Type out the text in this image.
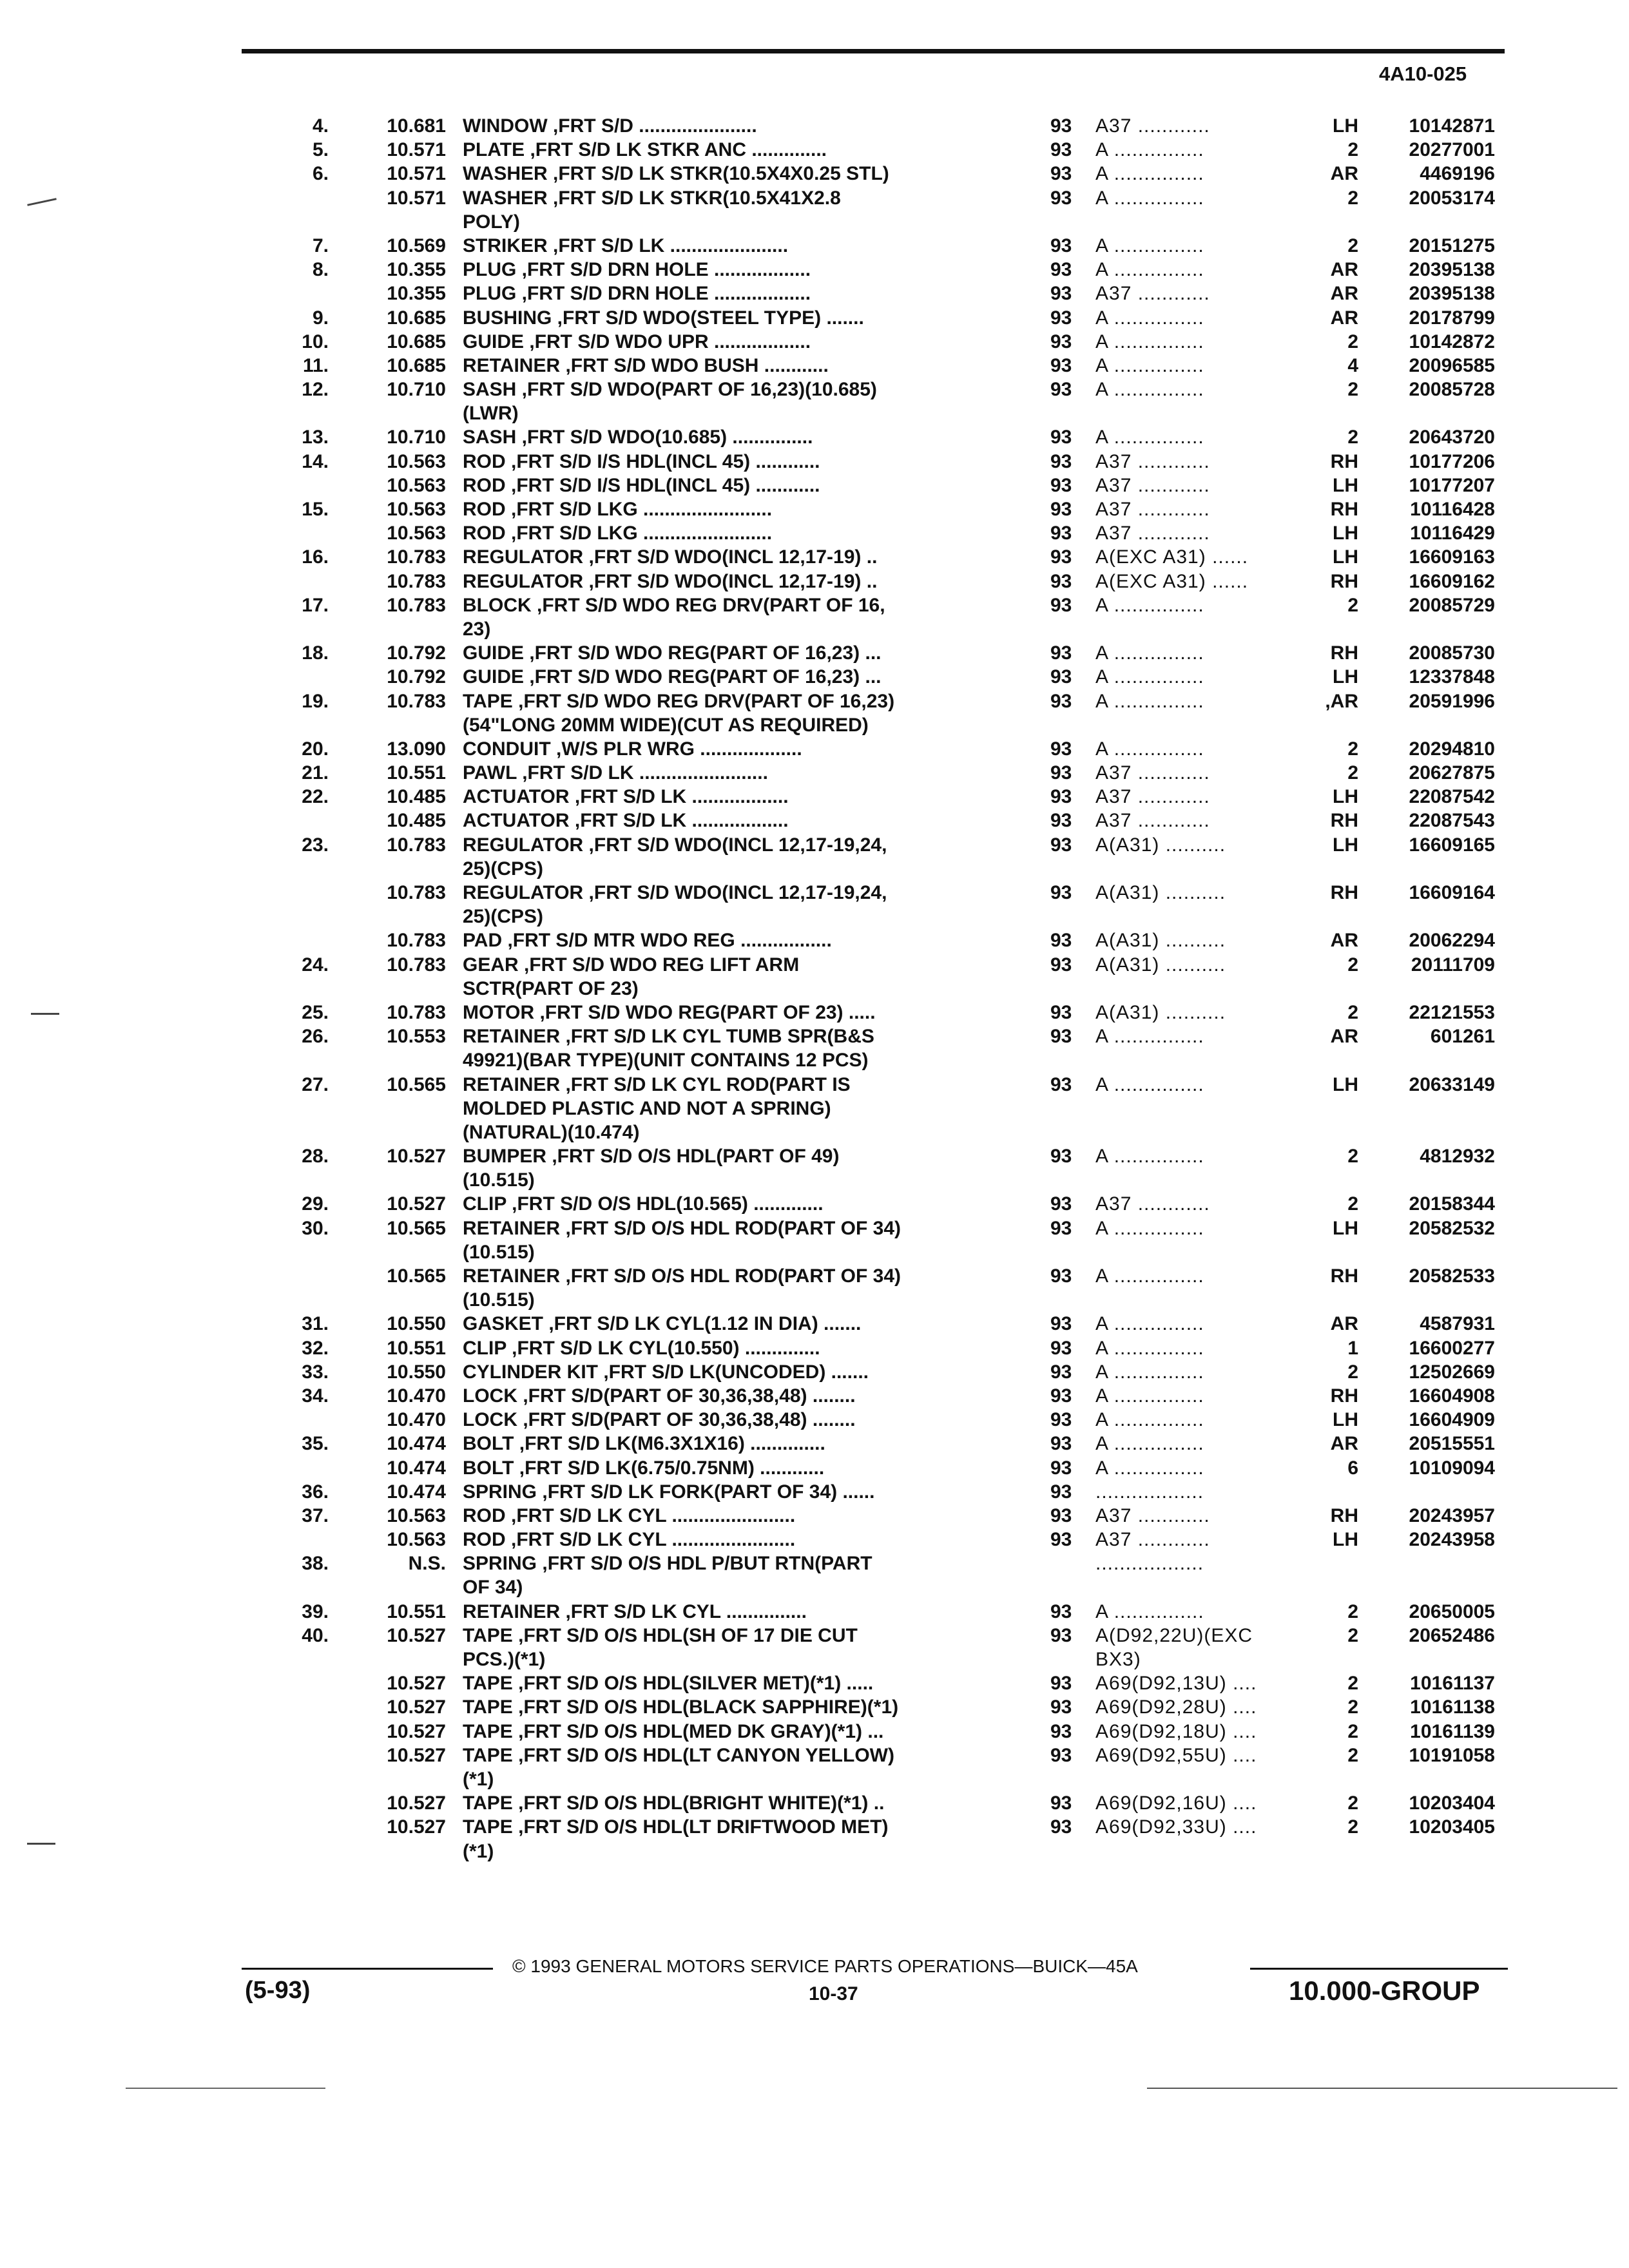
4A10-025
4.	10.681 WINDOW ,FRT S/D ......................	93 A37 ............	LH	10142871
5.	10.571 PLATE ,FRT S/D LK STKR ANC ..............	93 A ...............	2	20277001
6.	10.571 WASHER ,FRT S/D LK STKR(10.5X4X0.25 STL)	93 A ...............	AR	4469196
10.571 WASHER ,FRT S/D LK STKR(10.5X41X2.8	93 A ...............	2	20053174
POLY)
7.	10.569 STRIKER ,FRT S/D LK ......................	93 A ...............	2	20151275
8.	10.355 PLUG ,FRT S/D DRN HOLE ..................	93 A ...............	AR	20395138
10.355 PLUG ,FRT S/D DRN HOLE ..................	93 A37 ............	AR	20395138
9.	10.685 BUSHING ,FRT S/D WDO(STEEL TYPE) .......	93 A ...............	AR	20178799
10.	10.685 GUIDE ,FRT S/D WDO UPR ..................	93 A ...............	2	10142872
11.	10.685 RETAINER ,FRT S/D WDO BUSH ............	93 A ...............	4	20096585
12.	10.710 SASH ,FRT S/D WDO(PART OF 16,23)(10.685)	93 A ...............	2	20085728
(LWR)
13.	10.710 SASH ,FRT S/D WDO(10.685) ...............	93 A ...............	2	20643720
14.	10.563 ROD ,FRT S/D I/S HDL(INCL 45) ............	93 A37 ............	RH	10177206
10.563 ROD ,FRT S/D I/S HDL(INCL 45) ............	93 A37 ............	LH	10177207
15.	10.563 ROD ,FRT S/D LKG ........................	93 A37 ............	RH	10116428
10.563 ROD ,FRT S/D LKG ........................	93 A37 ............	LH	10116429
16.	10.783 REGULATOR ,FRT S/D WDO(INCL 12,17-19) ..	93 A(EXC A31) ......	LH	16609163
10.783 REGULATOR ,FRT S/D WDO(INCL 12,17-19) ..	93 A(EXC A31) ......	RH	16609162
17.	10.783 BLOCK ,FRT S/D WDO REG DRV(PART OF 16,	93 A ...............	2	20085729
23)
18.	10.792 GUIDE ,FRT S/D WDO REG(PART OF 16,23) ...	93 A ...............	RH	20085730
10.792 GUIDE ,FRT S/D WDO REG(PART OF 16,23) ...	93 A ...............	LH	12337848
19.	10.783 TAPE ,FRT S/D WDO REG DRV(PART OF 16,23)	93 A ...............	,AR	20591996
(54"LONG 20MM WIDE)(CUT AS REQUIRED)
20.	13.090 CONDUIT ,W/S PLR WRG ...................	93 A ...............	2	20294810
21.	10.551 PAWL ,FRT S/D LK ........................	93 A37 ............	2	20627875
22.	10.485 ACTUATOR ,FRT S/D LK ..................	93 A37 ............	LH	22087542
10.485 ACTUATOR ,FRT S/D LK ..................	93 A37 ............	RH	22087543
23.	10.783 REGULATOR ,FRT S/D WDO(INCL 12,17-19,24,	93 A(A31) ..........	LH	16609165
25)(CPS)
10.783 REGULATOR ,FRT S/D WDO(INCL 12,17-19,24,	93 A(A31) ..........	RH	16609164
25)(CPS)
10.783 PAD ,FRT S/D MTR WDO REG .................	93 A(A31) ..........	AR	20062294
24.	10.783 GEAR ,FRT S/D WDO REG LIFT ARM	93 A(A31) ..........	2	20111709
SCTR(PART OF 23)
25.	10.783 MOTOR ,FRT S/D WDO REG(PART OF 23) .....	93 A(A31) ..........	2	22121553
26.	10.553 RETAINER ,FRT S/D LK CYL TUMB SPR(B&S	93 A ...............	AR	601261
49921)(BAR TYPE)(UNIT CONTAINS 12 PCS)
27.	10.565 RETAINER ,FRT S/D LK CYL ROD(PART IS	93 A ...............	LH	20633149
MOLDED PLASTIC AND NOT A SPRING)
(NATURAL)(10.474)
28.	10.527 BUMPER ,FRT S/D O/S HDL(PART OF 49)	93 A ...............	2	4812932
(10.515)
29.	10.527 CLIP ,FRT S/D O/S HDL(10.565) .............	93 A37 ............	2	20158344
30.	10.565 RETAINER ,FRT S/D O/S HDL ROD(PART OF 34)	93 A ...............	LH	20582532
(10.515)
10.565 RETAINER ,FRT S/D O/S HDL ROD(PART OF 34)	93 A ...............	RH	20582533
(10.515)
31.	10.550 GASKET ,FRT S/D LK CYL(1.12 IN DIA) .......	93 A ...............	AR	4587931
32.	10.551 CLIP ,FRT S/D LK CYL(10.550) ..............	93 A ...............	1	16600277
33.	10.550 CYLINDER KIT ,FRT S/D LK(UNCODED) .......	93 A ...............	2	12502669
34.	10.470 LOCK ,FRT S/D(PART OF 30,36,38,48) ........	93 A ...............	RH	16604908
10.470 LOCK ,FRT S/D(PART OF 30,36,38,48) ........	93 A ...............	LH	16604909
35.	10.474 BOLT ,FRT S/D LK(M6.3X1X16) ..............	93 A ...............	AR	20515551
10.474 BOLT ,FRT S/D LK(6.75/0.75NM) ............	93 A ...............	6	10109094
36.	10.474 SPRING ,FRT S/D LK FORK(PART OF 34) ......	93 ..................
37.	10.563 ROD ,FRT S/D LK CYL .......................	93 A37 ............	RH	20243957
10.563 ROD ,FRT S/D LK CYL .......................	93 A37 ............	LH	20243958
38.	N.S. SPRING ,FRT S/D O/S HDL P/BUT RTN(PART	..................
OF 34)
39.	10.551 RETAINER ,FRT S/D LK CYL ...............	93 A ...............	2	20650005
40.	10.527 TAPE ,FRT S/D O/S HDL(SH OF 17 DIE CUT	93 A(D92,22U)(EXC	2	20652486
PCS.)(*1)	BX3)
10.527 TAPE ,FRT S/D O/S HDL(SILVER MET)(*1) .....	93 A69(D92,13U) ....	2	10161137
10.527 TAPE ,FRT S/D O/S HDL(BLACK SAPPHIRE)(*1)	93 A69(D92,28U) ....	2	10161138
10.527 TAPE ,FRT S/D O/S HDL(MED DK GRAY)(*1) ...	93 A69(D92,18U) ....	2	10161139
10.527 TAPE ,FRT S/D O/S HDL(LT CANYON YELLOW)	93 A69(D92,55U) ....	2	10191058
(*1)
10.527 TAPE ,FRT S/D O/S HDL(BRIGHT WHITE)(*1) ..	93 A69(D92,16U) ....	2	10203404
10.527 TAPE ,FRT S/D O/S HDL(LT DRIFTWOOD MET)	93 A69(D92,33U) ....	2	10203405
(*1)
© 1993 GENERAL MOTORS SERVICE PARTS OPERATIONS—BUICK—45A
(5-93)	10-37	10.000-GROUP
